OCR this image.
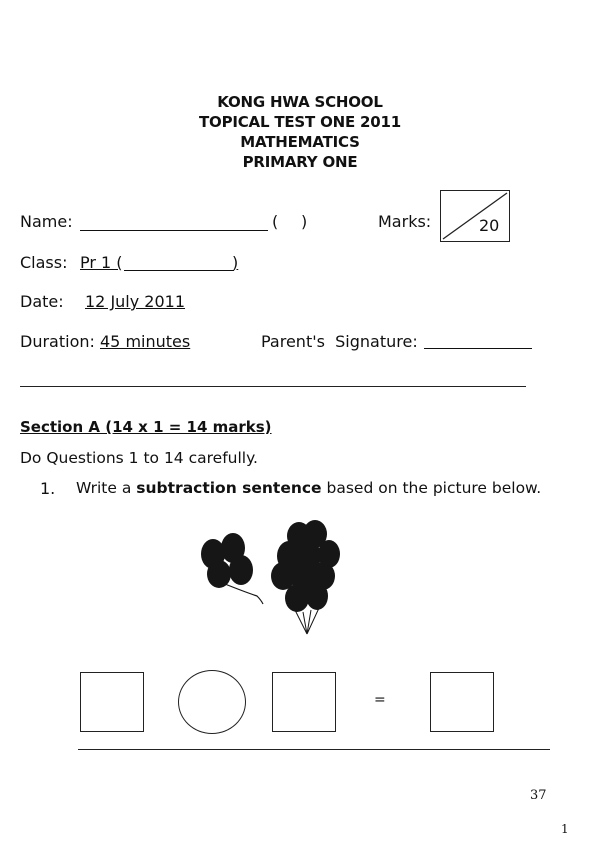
KONG HWA SCHOOL
TOPICAL TEST ONE 2011
MATHEMATICS
PRIMARY ONE
Name:	( )	Marks:	20
Class: Pr 1 (	)
Date: 12 July 2011
Duration: 45 minutes	Parent's  Signature:
Section A (14 x 1 = 14 marks)
Do Questions 1 to 14 carefully.
1. Write a subtraction sentence based on the picture below.
=
37
1
